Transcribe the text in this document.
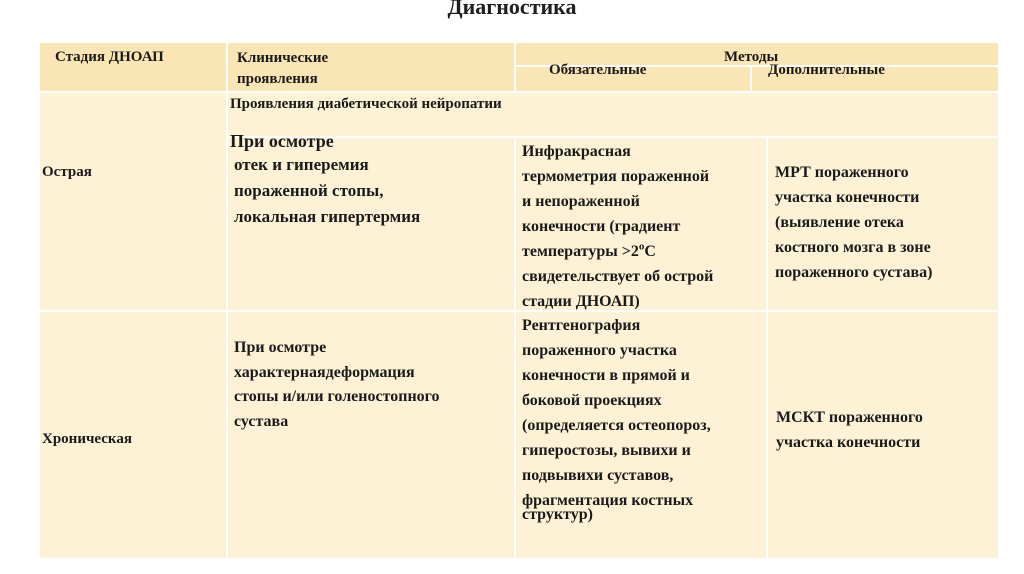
Диагностика
Стадия ДНОАП	Клинические
проявления
Методы
Обязательные	Дополнительные
Острая
Проявления диабетической нейропатии
При осмотре
отек и гиперемия
пораженной стопы,
локальная гипертермия
Инфракрасная
термометрия пораженной
и непораженной
конечности (градиент
температуры $>2^оС$
свидетельствует об острой
стадии ДНОАП)
МРТ пораженного
участка конечности
(выявление отека
костного мозга в зоне
пораженного сустава)
Хроническая
При осмотре
характернаядеформация
стопы и/или голеностопного
сустава
Рентгенография
пораженного участка
конечности в прямой и
боковой проекциях
(определяется остеопороз,
гиперостозы, вывихи и
подвывихи суставов,
фрагментация костных
структур)
МСКТ пораженного
участка конечности
